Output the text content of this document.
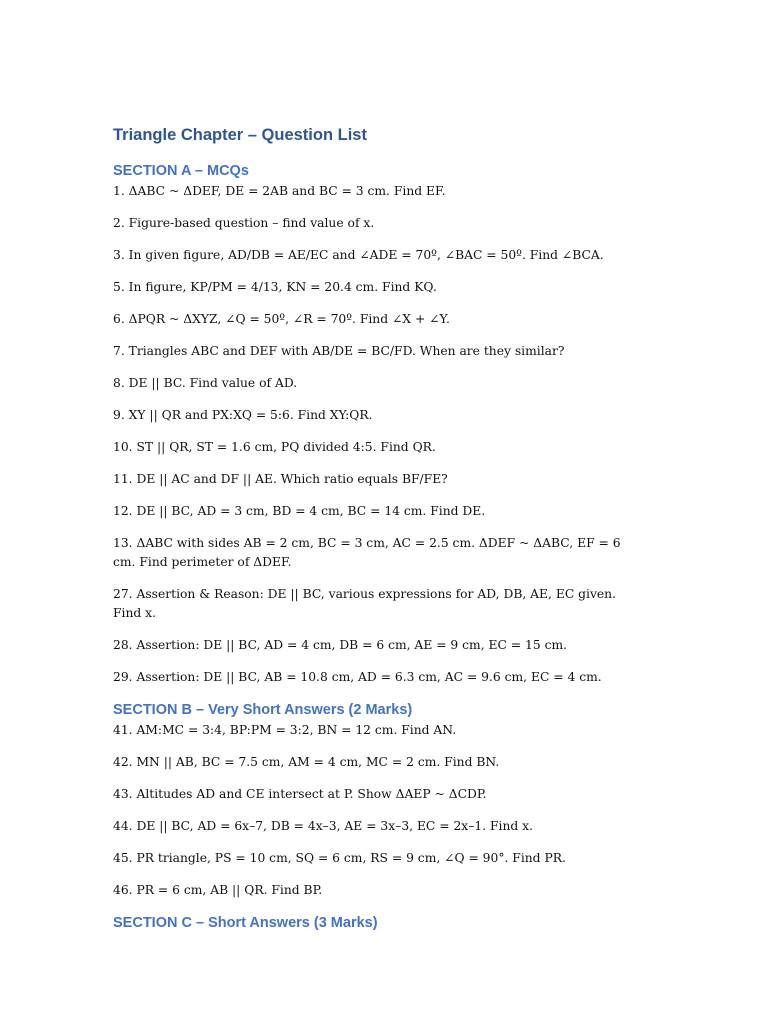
Triangle Chapter – Question List
SECTION A – MCQs
1. ΔABC ~ ΔDEF, DE = 2AB and BC = 3 cm. Find EF.
2. Figure-based question – find value of x.
3. In given figure, AD/DB = AE/EC and ∠ADE = 70º, ∠BAC = 50º. Find ∠BCA.
5. In figure, KP/PM = 4/13, KN = 20.4 cm. Find KQ.
6. ΔPQR ~ ΔXYZ, ∠Q = 50º, ∠R = 70º. Find ∠X + ∠Y.
7. Triangles ABC and DEF with AB/DE = BC/FD. When are they similar?
8. DE || BC. Find value of AD.
9. XY || QR and PX:XQ = 5:6. Find XY:QR.
10. ST || QR, ST = 1.6 cm, PQ divided 4:5. Find QR.
11. DE || AC and DF || AE. Which ratio equals BF/FE?
12. DE || BC, AD = 3 cm, BD = 4 cm, BC = 14 cm. Find DE.
13. ΔABC with sides AB = 2 cm, BC = 3 cm, AC = 2.5 cm. ΔDEF ~ ΔABC, EF = 6 cm. Find perimeter of ΔDEF.
27. Assertion & Reason: DE || BC, various expressions for AD, DB, AE, EC given. Find x.
28. Assertion: DE || BC, AD = 4 cm, DB = 6 cm, AE = 9 cm, EC = 15 cm.
29. Assertion: DE || BC, AB = 10.8 cm, AD = 6.3 cm, AC = 9.6 cm, EC = 4 cm.
SECTION B – Very Short Answers (2 Marks)
41. AM:MC = 3:4, BP:PM = 3:2, BN = 12 cm. Find AN.
42. MN || AB, BC = 7.5 cm, AM = 4 cm, MC = 2 cm. Find BN.
43. Altitudes AD and CE intersect at P. Show ΔAEP ~ ΔCDP.
44. DE || BC, AD = 6x–7, DB = 4x–3, AE = 3x–3, EC = 2x–1. Find x.
45. PR triangle, PS = 10 cm, SQ = 6 cm, RS = 9 cm, ∠Q = 90°. Find PR.
46. PR = 6 cm, AB || QR. Find BP.
SECTION C – Short Answers (3 Marks)
